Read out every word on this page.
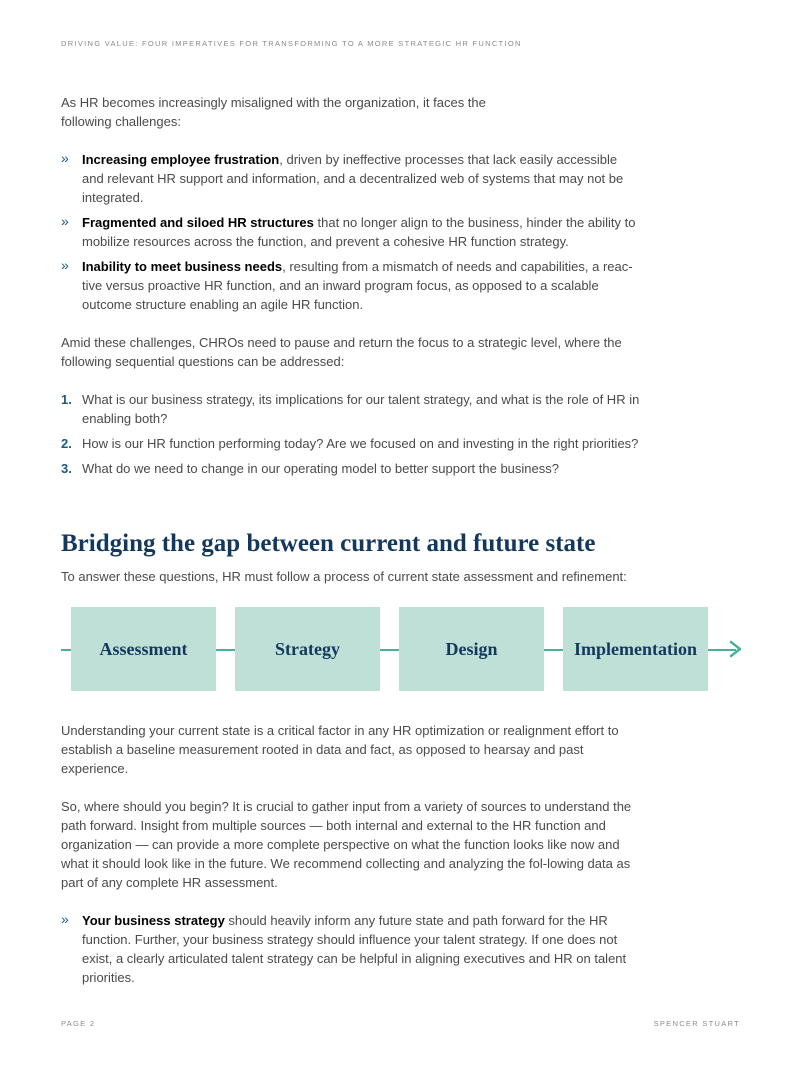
DRIVING VALUE: FOUR IMPERATIVES FOR TRANSFORMING TO A MORE STRATEGIC HR FUNCTION

As HR becomes increasingly misaligned with the organization, it faces the
following challenges:

» Increasing employee frustration, driven by ineffective processes that lack easily accessible and relevant HR support and information, and a decentralized web of systems that may not be integrated.
» Fragmented and siloed HR structures that no longer align to the business, hinder the ability to mobilize resources across the function, and prevent a cohesive HR function strategy.
» Inability to meet business needs, resulting from a mismatch of needs and capabilities, a reac-tive versus proactive HR function, and an inward program focus, as opposed to a scalable outcome structure enabling an agile HR function.

Amid these challenges, CHROs need to pause and return the focus to a strategic level, where the following sequential questions can be addressed:

1. What is our business strategy, its implications for our talent strategy, and what is the role of HR in enabling both?
2. How is our HR function performing today? Are we focused on and investing in the right priorities?
3. What do we need to change in our operating model to better support the business?
Bridging the gap between current and future state

To answer these questions, HR must follow a process of current state assessment and refinement:

Assessment	Strategy	Design	Implementation

Understanding your current state is a critical factor in any HR optimization or realignment effort to establish a baseline measurement rooted in data and fact, as opposed to hearsay and past experience.

So, where should you begin? It is crucial to gather input from a variety of sources to understand the path forward. Insight from multiple sources — both internal and external to the HR function and organization — can provide a more complete perspective on what the function looks like now and what it should look like in the future. We recommend collecting and analyzing the fol-lowing data as part of any complete HR assessment.

» Your business strategy should heavily inform any future state and path forward for the HR function. Further, your business strategy should influence your talent strategy. If one does not exist, a clearly articulated talent strategy can be helpful in aligning executives and HR on talent priorities.
PAGE 2	SPENCER STUART
